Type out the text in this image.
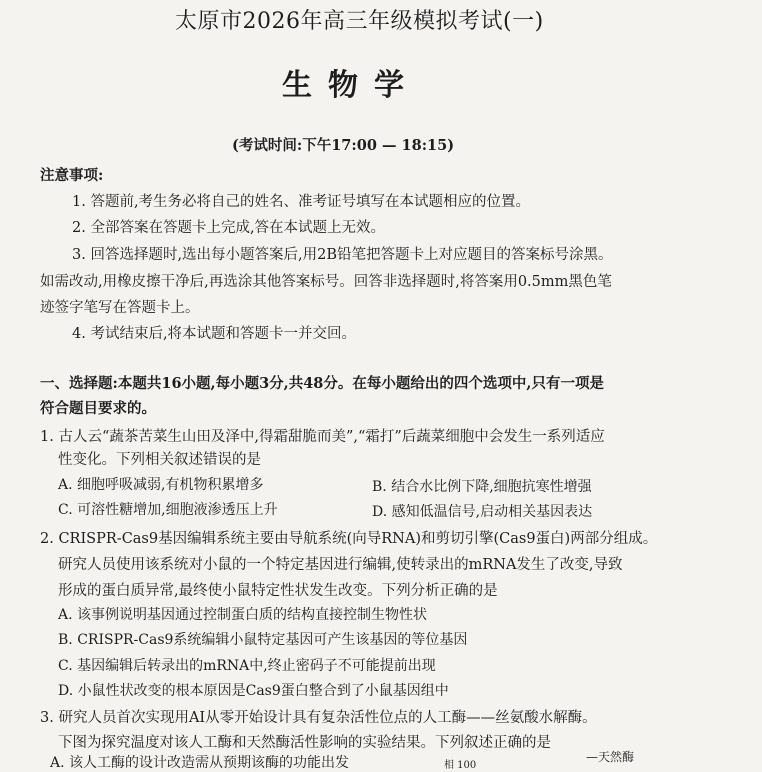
太原市2026年高三年级模拟考试(一)
生物学
(考试时间:下午17:00 — 18:15)
注意事项:
1. 答题前,考生务必将自己的姓名、准考证号填写在本试题相应的位置。
2. 全部答案在答题卡上完成,答在本试题上无效。
3. 回答选择题时,选出每小题答案后,用2B铅笔把答题卡上对应题目的答案标号涂黑。
如需改动,用橡皮擦干净后,再选涂其他答案标号。回答非选择题时,将答案用0.5mm黑色笔
迹签字笔写在答题卡上。
4. 考试结束后,将本试题和答题卡一并交回。
一、选择题:本题共16小题,每小题3分,共48分。在每小题给出的四个选项中,只有一项是
符合题目要求的。
1. 古人云“蔬茶苦菜生山田及泽中,得霜甜脆而美”,“霜打”后蔬菜细胞中会发生一系列适应
性变化。下列相关叙述错误的是
A. 细胞呼吸减弱,有机物积累增多	B. 结合水比例下降,细胞抗寒性增强
C. 可溶性糖增加,细胞液渗透压上升	D. 感知低温信号,启动相关基因表达
2. CRISPR-Cas9基因编辑系统主要由导航系统(向导RNA)和剪切引擎(Cas9蛋白)两部分组成。
研究人员使用该系统对小鼠的一个特定基因进行编辑,使转录出的mRNA发生了改变,导致
形成的蛋白质异常,最终使小鼠特定性状发生改变。下列分析正确的是
A. 该事例说明基因通过控制蛋白质的结构直接控制生物性状
B. CRISPR-Cas9系统编辑小鼠特定基因可产生该基因的等位基因
C. 基因编辑后转录出的mRNA中,终止密码子不可能提前出现
D. 小鼠性状改变的根本原因是Cas9蛋白整合到了小鼠基因组中
3. 研究人员首次实现用AI从零开始设计具有复杂活性位点的人工酶——丝氨酸水解酶。
下图为探究温度对该人工酶和天然酶活性影响的实验结果。下列叙述正确的是
A. 该人工酶的设计改造需从预期该酶的功能出发	相 100
—天然酶
